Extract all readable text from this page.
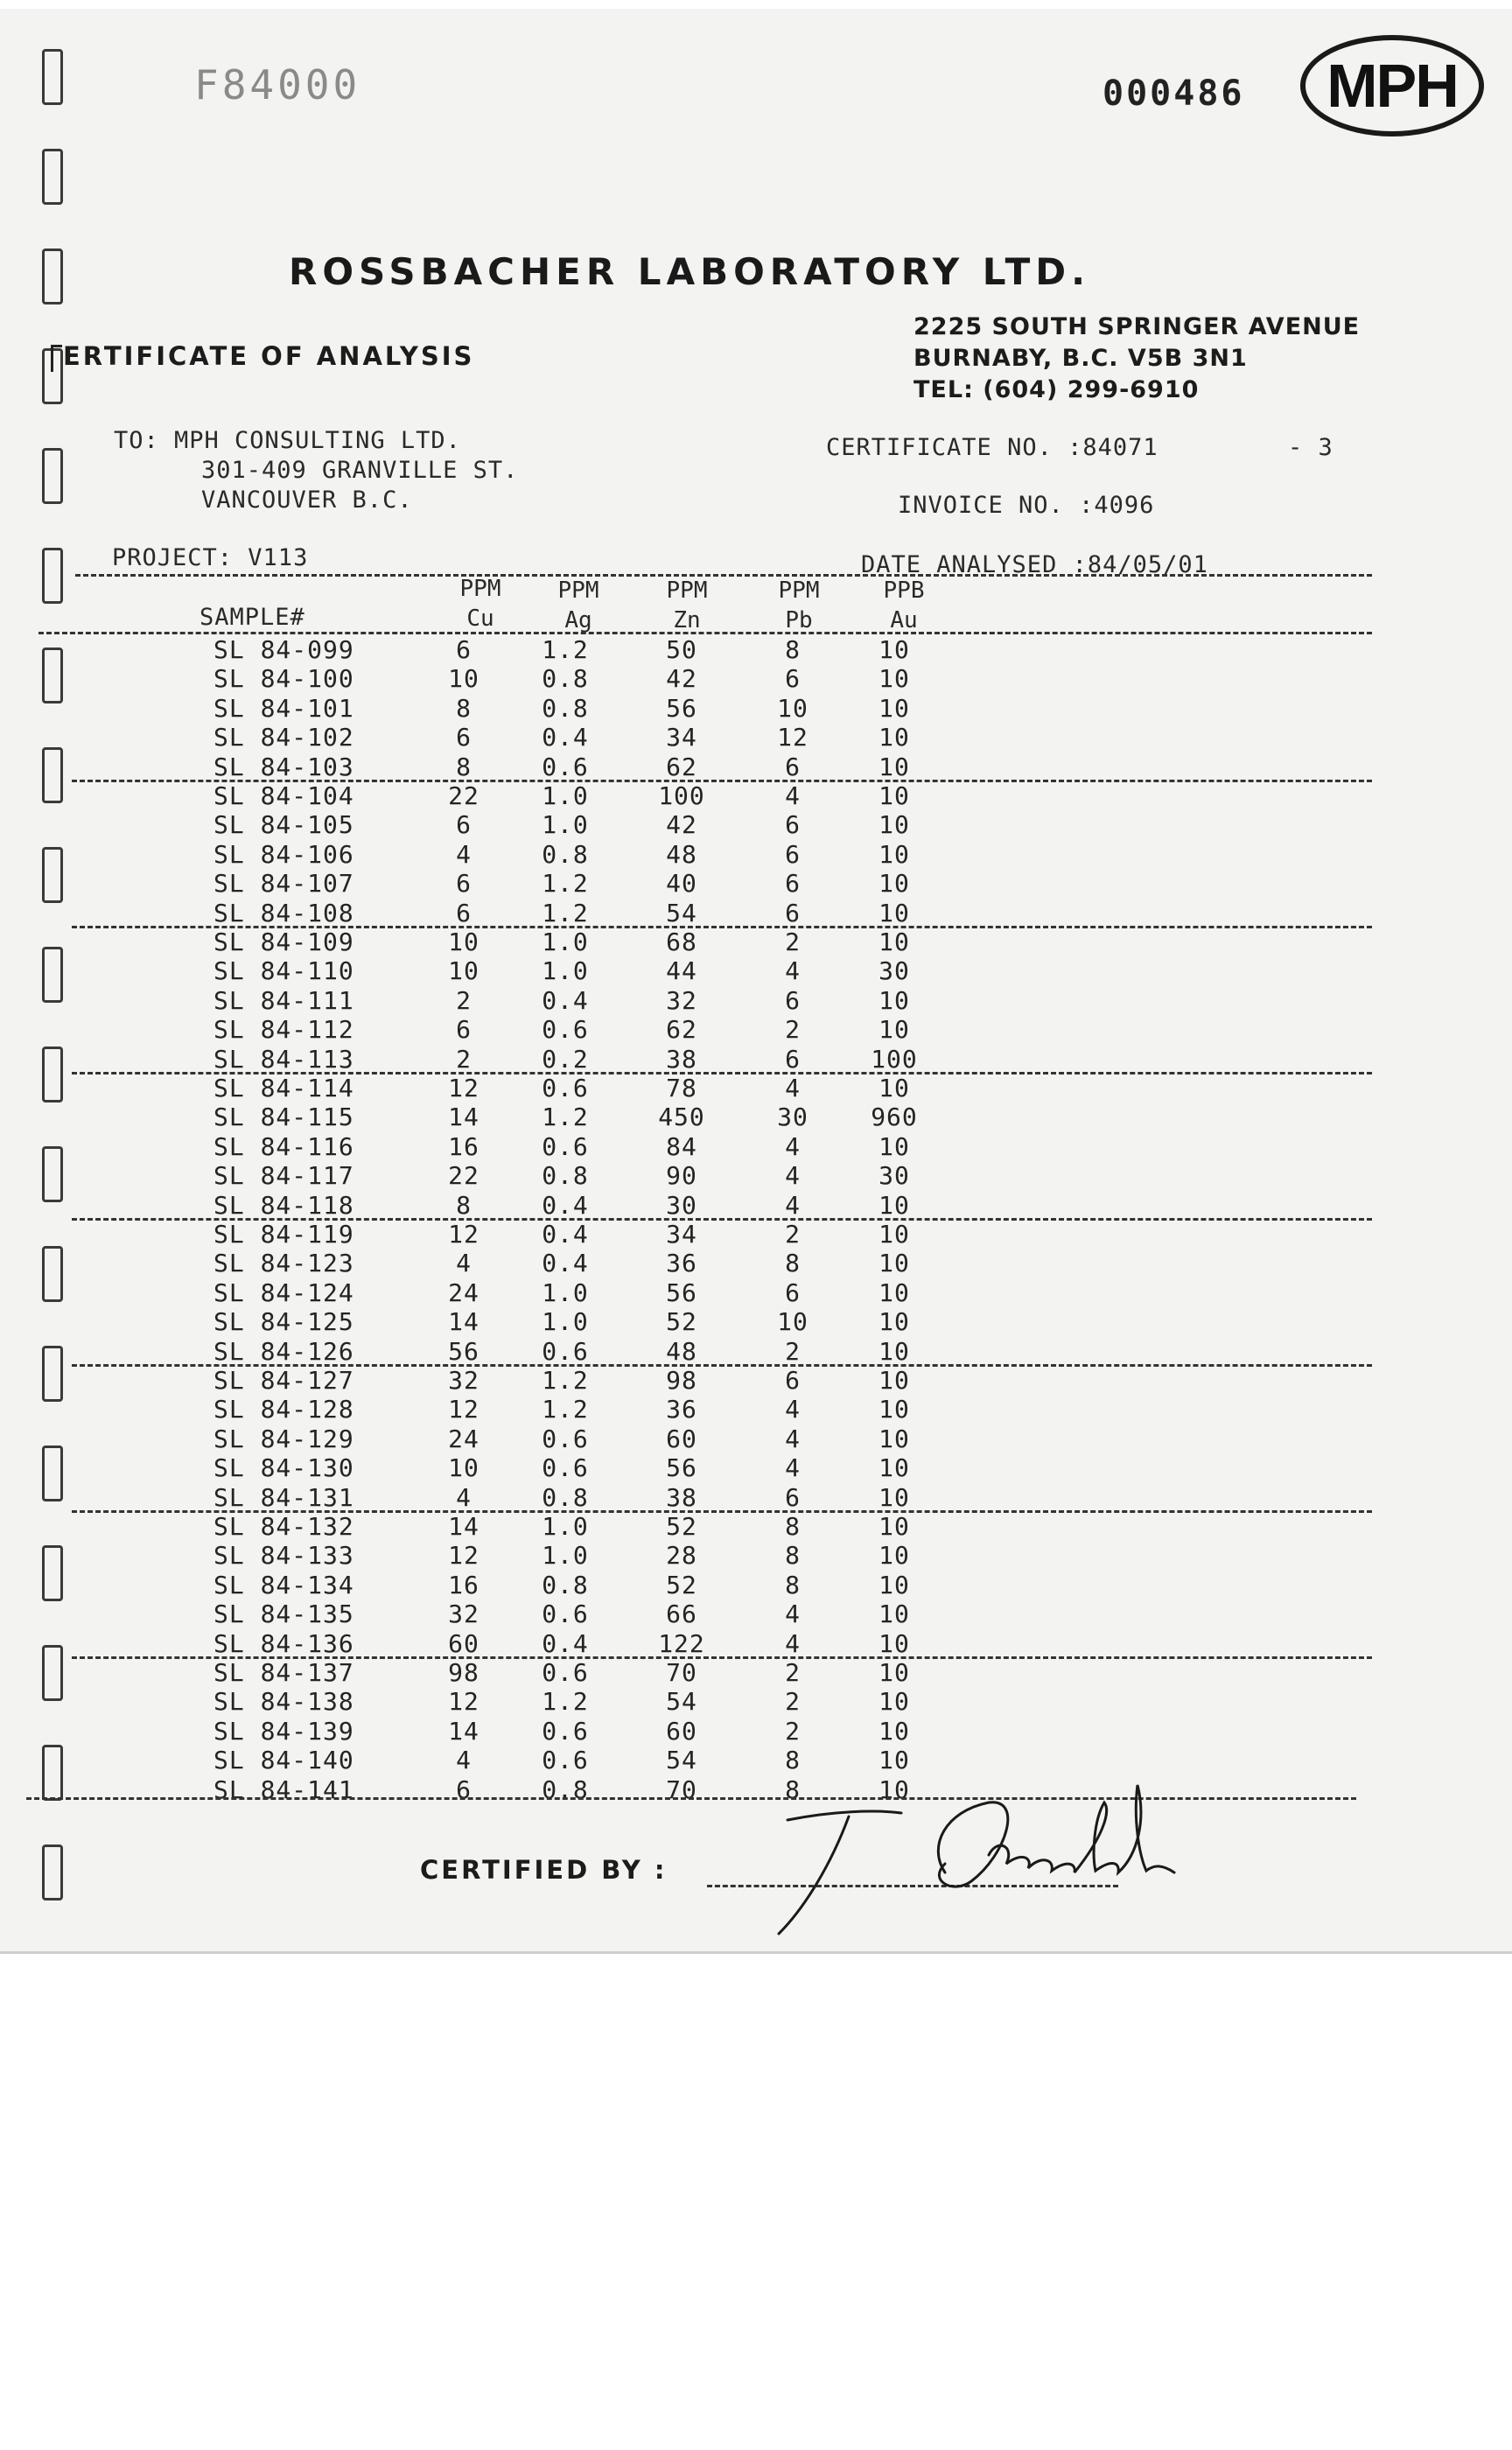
F84000	000486	MPH
ROSSBACHER LABORATORY LTD.
ERTIFICATE OF ANALYSIS
2225 SOUTH SPRINGER AVENUE
BURNABY, B.C. V5B 3N1
TEL: (604) 299-6910
TO: MPH CONSULTING LTD.
301-409 GRANVILLE ST.
VANCOUVER B.C.
CERTIFICATE NO. :84071	- 3
INVOICE NO. :4096
PROJECT: V113	DATE ANALYSED :84/05/01
PPM	PPM	PPM	PPM	PPB
SAMPLE#	Cu	Ag	Zn	Pb	Au
SL 84-099	6	1.2	50	8	10
SL 84-100	10	0.8	42	6	10
SL 84-101	8	0.8	56	10	10
SL 84-102	6	0.4	34	12	10
SL 84-103	8	0.6	62	6	10
SL 84-104	22	1.0	100	4	10
SL 84-105	6	1.0	42	6	10
SL 84-106	4	0.8	48	6	10
SL 84-107	6	1.2	40	6	10
SL 84-108	6	1.2	54	6	10
SL 84-109	10	1.0	68	2	10
SL 84-110	10	1.0	44	4	30
SL 84-111	2	0.4	32	6	10
SL 84-112	6	0.6	62	2	10
SL 84-113	2	0.2	38	6	100
SL 84-114	12	0.6	78	4	10
SL 84-115	14	1.2	450	30	960
SL 84-116	16	0.6	84	4	10
SL 84-117	22	0.8	90	4	30
SL 84-118	8	0.4	30	4	10
SL 84-119	12	0.4	34	2	10
SL 84-123	4	0.4	36	8	10
SL 84-124	24	1.0	56	6	10
SL 84-125	14	1.0	52	10	10
SL 84-126	56	0.6	48	2	10
SL 84-127	32	1.2	98	6	10
SL 84-128	12	1.2	36	4	10
SL 84-129	24	0.6	60	4	10
SL 84-130	10	0.6	56	4	10
SL 84-131	4	0.8	38	6	10
SL 84-132	14	1.0	52	8	10
SL 84-133	12	1.0	28	8	10
SL 84-134	16	0.8	52	8	10
SL 84-135	32	0.6	66	4	10
SL 84-136	60	0.4	122	4	10
SL 84-137	98	0.6	70	2	10
SL 84-138	12	1.2	54	2	10
SL 84-139	14	0.6	60	2	10
SL 84-140	4	0.6	54	8	10
SL 84-141	6	0.8	70	8	10
CERTIFIED BY :
